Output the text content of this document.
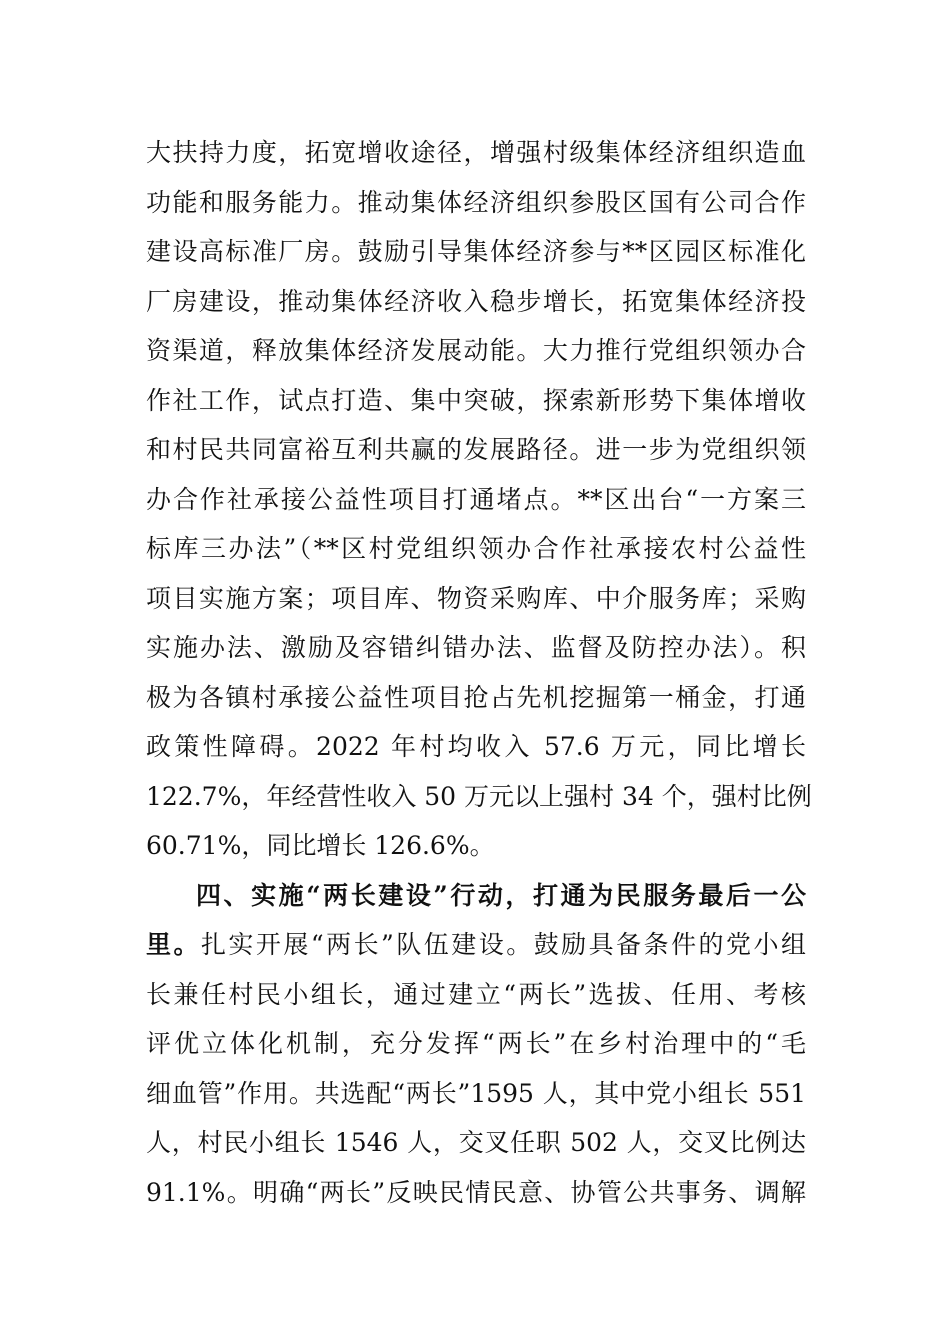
大扶持力度，拓宽增收途径，增强村级集体经济组织造血
功能和服务能力。推动集体经济组织参股区国有公司合作
建设高标准厂房。鼓励引导集体经济参与**区园区标准化
厂房建设，推动集体经济收入稳步增长，拓宽集体经济投
资渠道，释放集体经济发展动能。大力推行党组织领办合
作社工作，试点打造、集中突破，探索新形势下集体增收
和村民共同富裕互利共赢的发展路径。进一步为党组织领
办合作社承接公益性项目打通堵点。**区出台“一方案三
标库三办法”（**区村党组织领办合作社承接农村公益性
项目实施方案；项目库、物资采购库、中介服务库；采购
实施办法、激励及容错纠错办法、监督及防控办法）。积
极为各镇村承接公益性项目抢占先机挖掘第一桶金，打通
政策性障碍。2022 年村均收入 57.6 万元，同比增长
122.7%，年经营性收入 50 万元以上强村 34 个，强村比例
60.71%，同比增长 126.6%。
四、实施“两长建设”行动，打通为民服务最后一公
里。扎实开展“两长”队伍建设。鼓励具备条件的党小组
长兼任村民小组长，通过建立“两长”选拔、任用、考核
评优立体化机制，充分发挥“两长”在乡村治理中的“毛
细血管”作用。共选配“两长”1595 人，其中党小组长 551
人，村民小组长 1546 人，交叉任职 502 人，交叉比例达
91.1%。明确“两长”反映民情民意、协管公共事务、调解
